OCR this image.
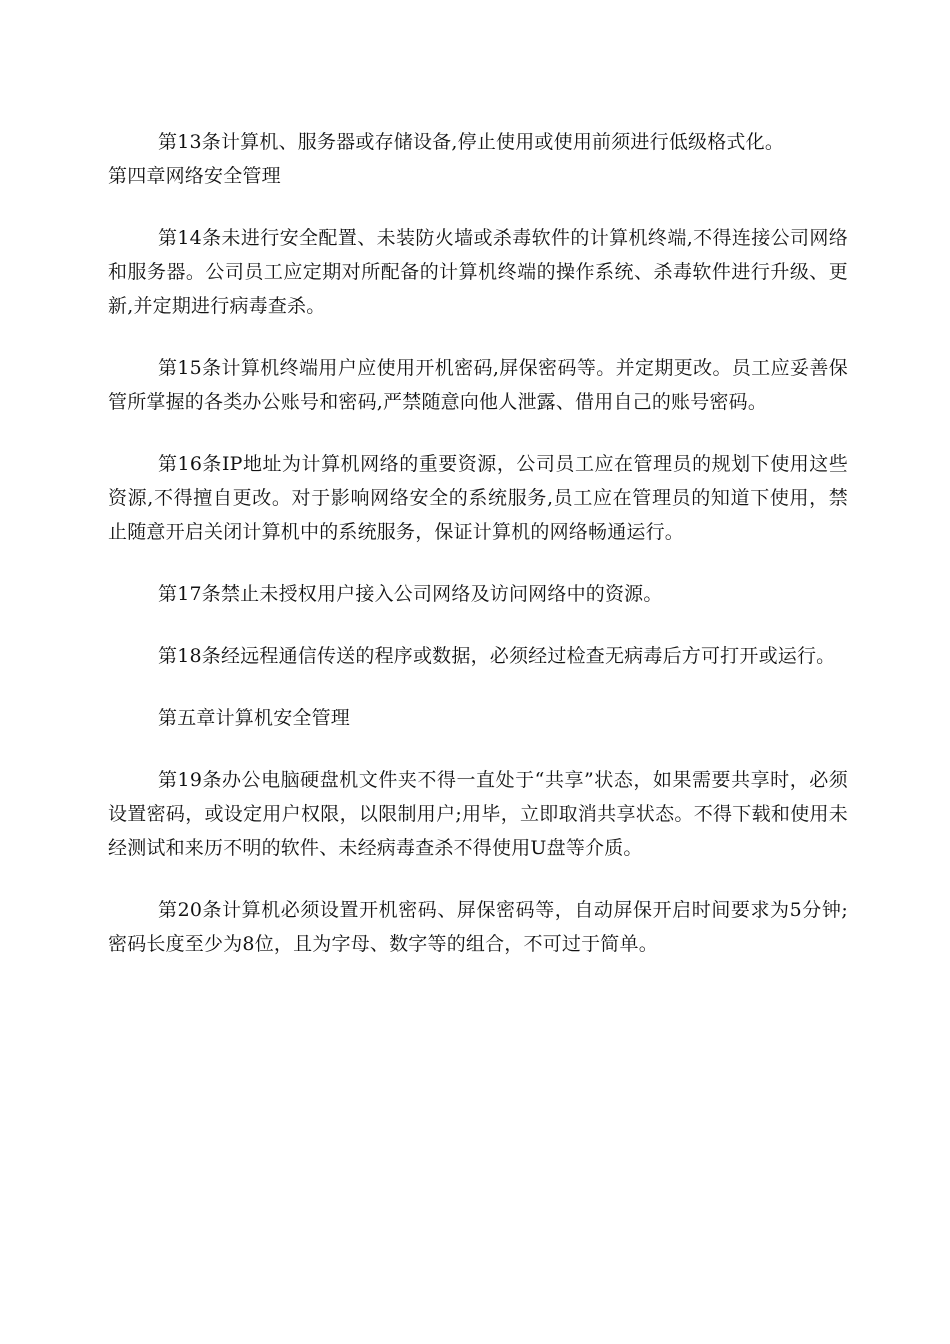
第13条计算机、服务器或存储设备,停止使用或使用前须进行低级格式化。

第四章网络安全管理

第14条未进行安全配置、未装防火墙或杀毒软件的计算机终端,不得连接公司网络和服务器。公司员工应定期对所配备的计算机终端的操作系统、杀毒软件进行升级、更新,并定期进行病毒查杀。

第15条计算机终端用户应使用开机密码,屏保密码等。并定期更改。员工应妥善保管所掌握的各类办公账号和密码,严禁随意向他人泄露、借用自己的账号密码。

第16条IP地址为计算机网络的重要资源，公司员工应在管理员的规划下使用这些资源,不得擅自更改。对于影响网络安全的系统服务,员工应在管理员的知道下使用，禁止随意开启关闭计算机中的系统服务，保证计算机的网络畅通运行。

第17条禁止未授权用户接入公司网络及访问网络中的资源。

第18条经远程通信传送的程序或数据，必须经过检查无病毒后方可打开或运行。

第五章计算机安全管理

第19条办公电脑硬盘机文件夹不得一直处于“共享”状态，如果需要共享时，必须设置密码，或设定用户权限，以限制用户;用毕，立即取消共享状态。不得下载和使用未经测试和来历不明的软件、未经病毒查杀不得使用U盘等介质。

第20条计算机必须设置开机密码、屏保密码等，自动屏保开启时间要求为5分钟;密码长度至少为8位，且为字母、数字等的组合，不可过于简单。
